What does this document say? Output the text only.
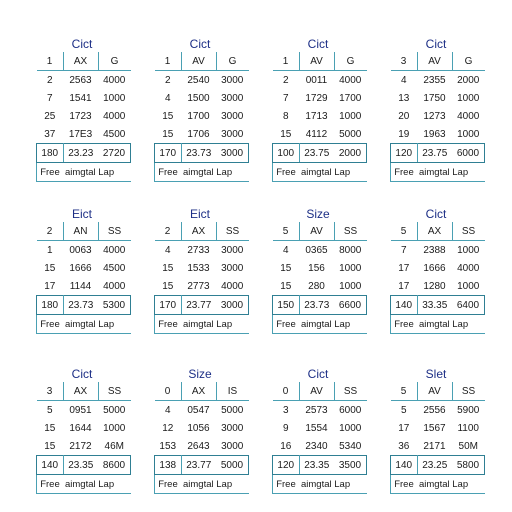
Cict
1	AX	G
2	2563	4000
7	1541	1000
25	1723	4000
37	17E3	4500
180	23.23	2720
Free	aimgtal Lap	
Cict
1	AV	G
2	2540	3000
4	1500	3000
15	1700	3000
15	1706	3000
170	23.73	3000
Free	aimgtal Lap	
Cict
1	AV	G
2	0011	4000
7	1729	1700
8	1713	1000
15	4112	5000
100	23.75	2000
Free	aimgtal Lap	
Cict
3	AV	G
4	2355	2000
13	1750	1000
20	1273	4000
19	1963	1000
120	23.75	6000
Free	aimgtal Lap	
Eict
2	AN	SS
1	0063	4000
15	1666	4500
17	1144	4000
180	23.73	5300
Free	aimgtal Lap	
Eict
2	AX	SS
4	2733	3000
15	1533	3000
15	2773	4000
170	23.77	3000
Free	aimgtal Lap	
Size
5	AV	SS
4	0365	8000
15	156	1000
15	280	1000
150	23.73	6600
Free	aimgtal Lap	
Cict
5	AX	SS
7	2388	1000
17	1666	4000
17	1280	1000
140	33.35	6400
Free	aimgtal Lap	
Cict
3	AX	SS
5	0951	5000
15	1644	1000
15	2172	46M
140	23.35	8600
Free	aimgtal Lap	
Size
0	AX	IS
4	0547	5000
12	1056	3000
153	2643	3000
138	23.77	5000
Free	aimgtal Lap	
Cict
0	AV	SS
3	2573	6000
9	1554	1000
16	2340	5340
120	23.35	3500
Free	aimgtal Lap	
Slet
5	AV	SS
5	2556	5900
17	1567	1100
36	2171	50M
140	23.25	5800
Free	aimgtal Lap	
